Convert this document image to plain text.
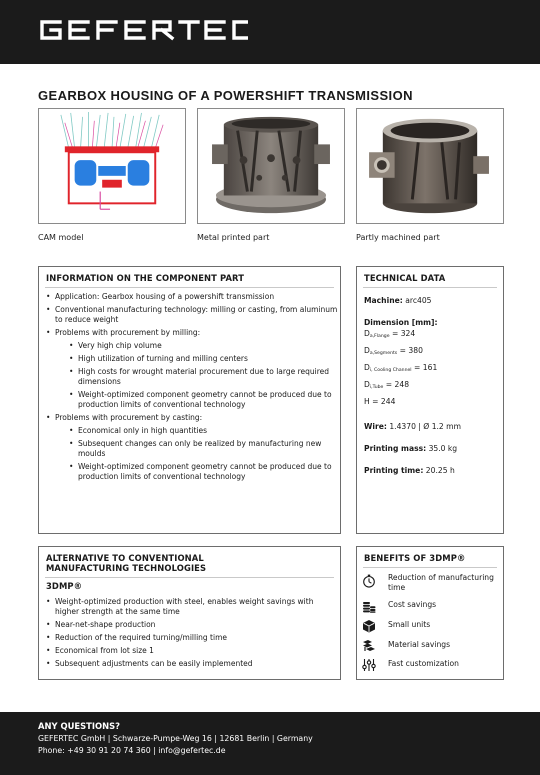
GEARBOX HOUSING OF A POWERSHIFT TRANSMISSION
CAM model	Metal printed part	Partly machined part
INFORMATION ON THE COMPONENT PART
• Application: Gearbox housing of a powershift transmission
• Conventional manufacturing technology: milling or casting, from aluminum to reduce weight
• Problems with procurement by milling:
• Very high chip volume
• High utilization of turning and milling centers
• High costs for wrought material procurement due to large required dimensions
• Weight-optimized component geometry cannot be produced due to production limits of conventional technology
• Problems with procurement by casting:
• Economical only in high quantities
• Subsequent changes can only be realized by manufacturing new moulds
• Weight-optimized component geometry cannot be produced due to production limits of conventional technology
TECHNICAL DATA
Machine: arc405
Dimension [mm]:
$D_{a,Flange} = 324$
$D_{a,Segments} = 380$
$D_{i, Cooling Channel} = 161$
$D_{i,Tube} = 248$
H = 244
Wire: 1.4370 | Ø 1.2 mm
Printing mass: 35.0 kg
Printing time: 20.25 h
ALTERNATIVE TO CONVENTIONAL
MANUFACTURING TECHNOLOGIES
3DMP®
• Weight-optimized production with steel, enables weight savings with higher strength at the same time
• Near-net-shape production
• Reduction of the required turning/milling time
• Economical from lot size 1
• Subsequent adjustments can be easily implemented
BENEFITS OF 3DMP®
Reduction of manufacturing time
Cost savings
Small units
Material savings
Fast customization
ANY QUESTIONS?
GEFERTEC GmbH | Schwarze-Pumpe-Weg 16 | 12681 Berlin | Germany
Phone: +49 30 91 20 74 360 | info@gefertec.de
